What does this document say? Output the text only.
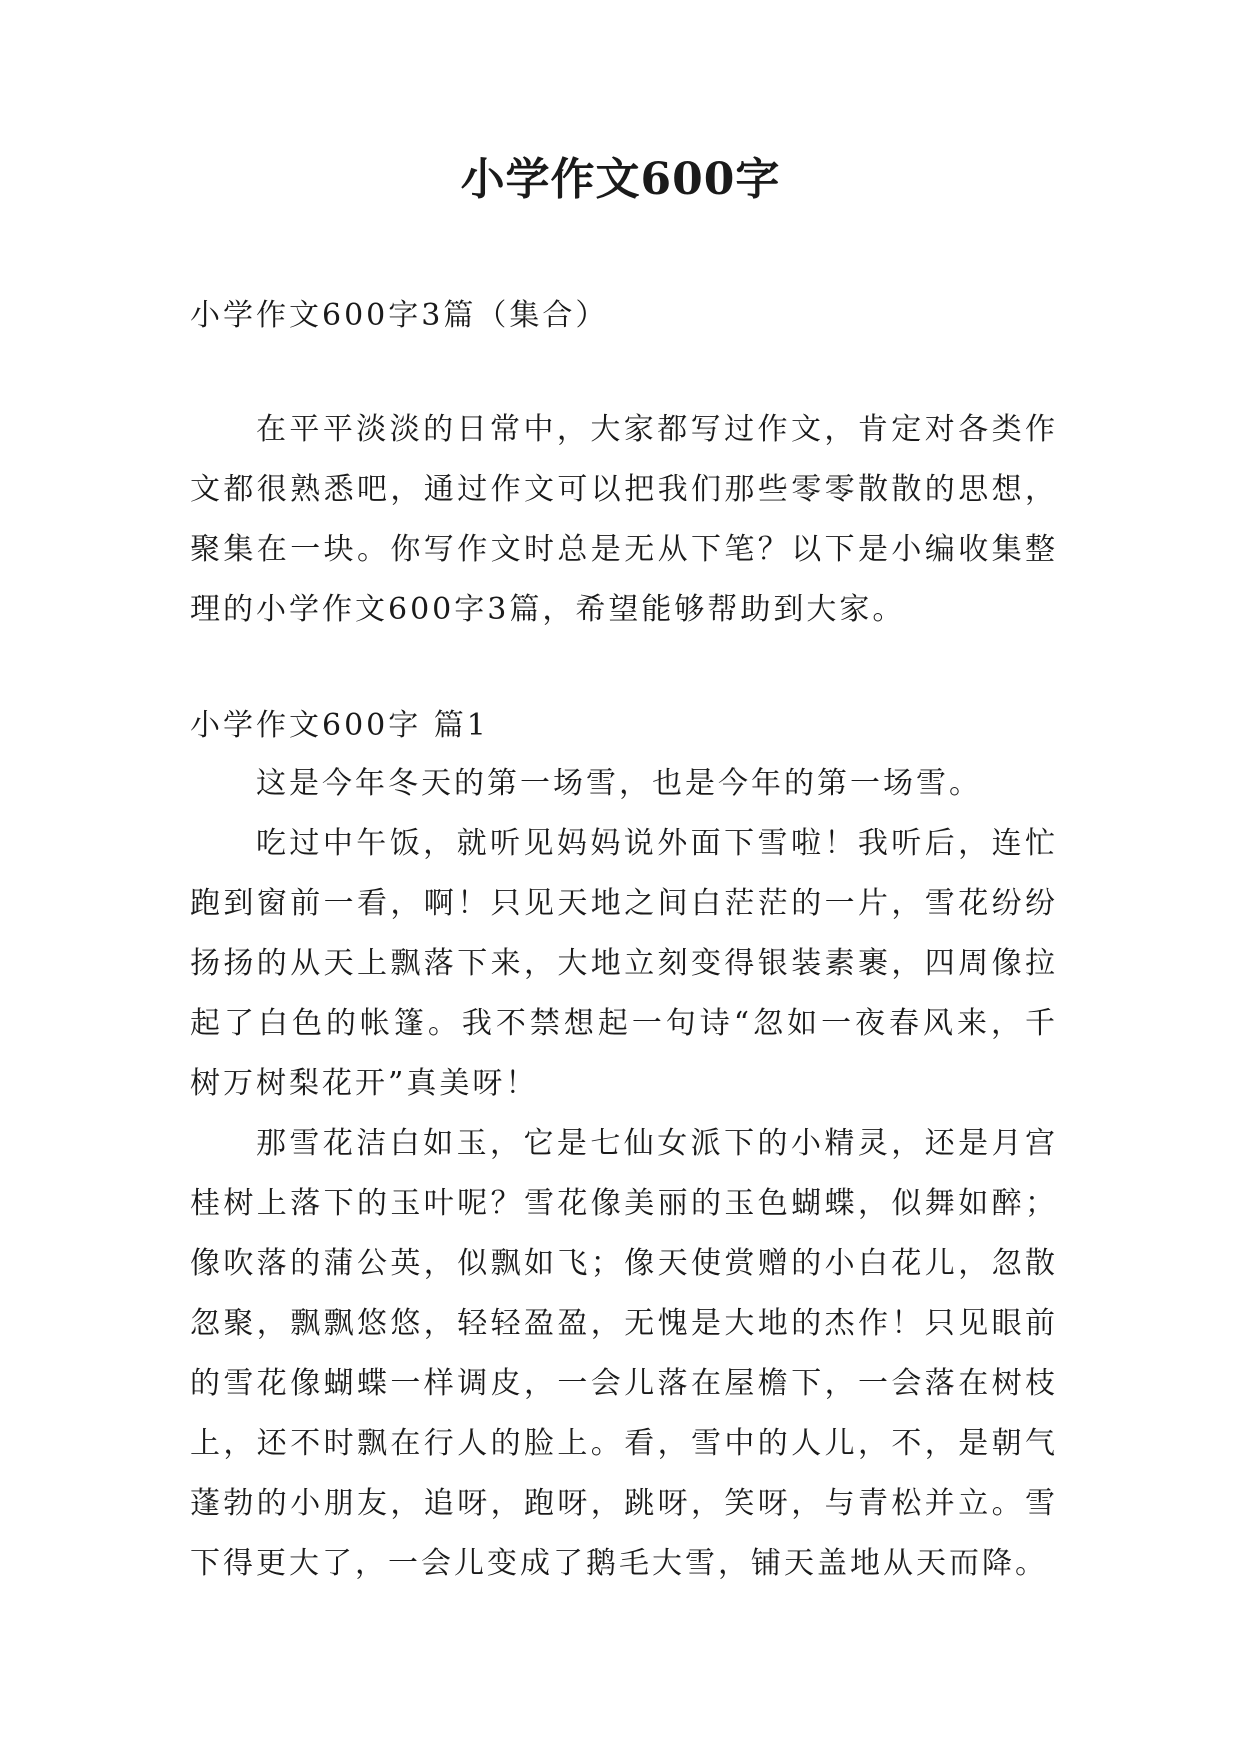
小学作文600字
小学作文600字3篇（集合）
在平平淡淡的日常中，大家都写过作文，肯定对各类作文都很熟悉吧，通过作文可以把我们那些零零散散的思想，聚集在一块。你写作文时总是无从下笔？以下是小编收集整理的小学作文600字3篇，希望能够帮助到大家。
小学作文600字 篇1

这是今年冬天的第一场雪，也是今年的第一场雪。

吃过中午饭，就听见妈妈说外面下雪啦！我听后，连忙跑到窗前一看，啊！只见天地之间白茫茫的一片，雪花纷纷扬扬的从天上飘落下来，大地立刻变得银装素裹，四周像拉起了白色的帐篷。我不禁想起一句诗“忽如一夜春风来，千树万树梨花开”真美呀！

那雪花洁白如玉，它是七仙女派下的小精灵，还是月宫桂树上落下的玉叶呢？雪花像美丽的玉色蝴蝶，似舞如醉；像吹落的蒲公英，似飘如飞；像天使赏赠的小白花儿，忽散忽聚，飘飘悠悠，轻轻盈盈，无愧是大地的杰作！只见眼前的雪花像蝴蝶一样调皮，一会儿落在屋檐下，一会落在树枝上，还不时飘在行人的脸上。看，雪中的人儿，不，是朝气蓬勃的小朋友，追呀，跑呀，跳呀，笑呀，与青松并立。雪下得更大了，一会儿变成了鹅毛大雪，铺天盖地从天而降。
